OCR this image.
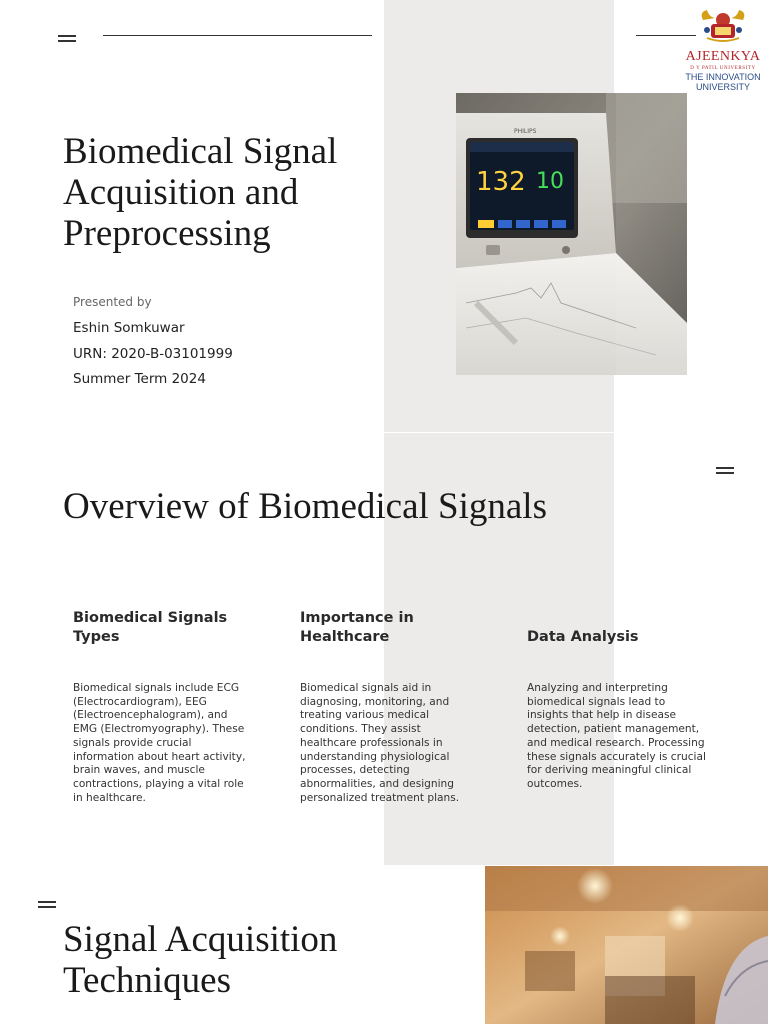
AJEENKYA
D Y PATIL UNIVERSITY
THE INNOVATION
UNIVERSITY
Biomedical Signal
Acquisition and
Preprocessing
Presented by
Eshin Somkuwar
URN: 2020-B-03101999
Summer Term 2024
132 10
PHILIPS
Overview of Biomedical Signals
Biomedical Signals Types
Biomedical signals include ECG (Electrocardiogram), EEG (Electroencephalogram), and EMG (Electromyography). These signals provide crucial information about heart activity, brain waves, and muscle contractions, playing a vital role in healthcare.
Importance in Healthcare
Biomedical signals aid in diagnosing, monitoring, and treating various medical conditions. They assist healthcare professionals in understanding physiological processes, detecting abnormalities, and designing personalized treatment plans.
Data Analysis
Analyzing and interpreting biomedical signals lead to insights that help in disease detection, patient management, and medical research. Processing these signals accurately is crucial for deriving meaningful clinical outcomes.
Signal Acquisition
Techniques
